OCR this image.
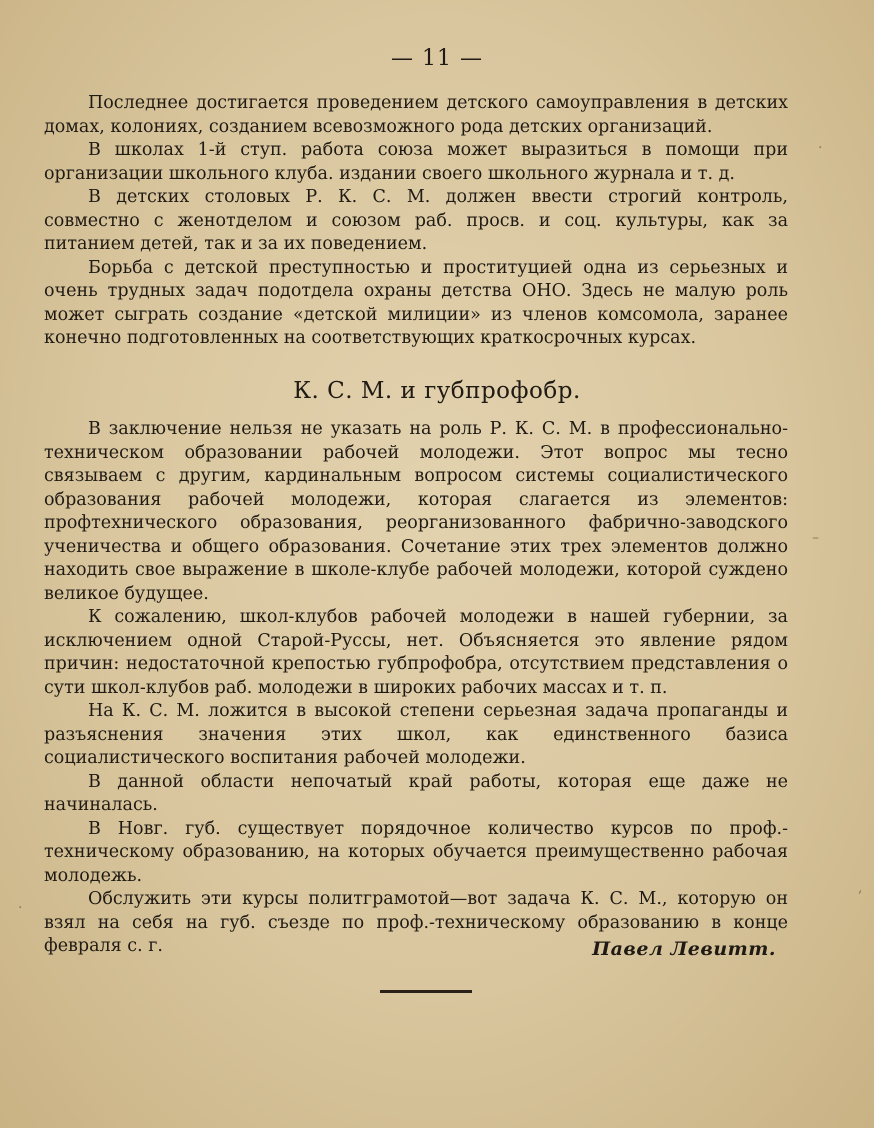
— 11 —

Последнее достигается проведением детского самоуправления в детских домах, колониях, созданием всевозможного рода детских организаций.

В школах 1-й ступ. работа союза может выразиться в помощи при организации школьного клуба. издании своего школьного журнала и т. д.

В детских столовых Р. К. С. М. должен ввести строгий контроль, совместно с женотделом и союзом раб. просв. и соц. культуры, как за питанием детей, так и за их поведением.

Борьба с детской преступностью и проституцией одна из серьезных и очень трудных задач подотдела охраны детства ОНО. Здесь не малую роль может сыграть создание «детской милиции» из членов комсомола, заранее конечно подготовленных на соответствующих краткосрочных курсах.

К. С. М. и губпрофобр.

В заключение нельзя не указать на роль Р. К. С. М. в профессионально-техническом образовании рабочей молодежи. Этот вопрос мы тесно связываем с другим, кардинальным вопросом системы социалистического образования рабочей молодежи, которая слагается из элементов: профтехнического образования, реорганизованного фабрично-заводского ученичества и общего образования. Сочетание этих трех элементов должно находить свое выражение в школе-клубе рабочей молодежи, которой суждено великое будущее.

К сожалению, школ-клубов рабочей молодежи в нашей губернии, за исключением одной Старой-Руссы, нет. Объясняется это явление рядом причин: недостаточной крепостью губпрофобра, отсутствием представления о сути школ-клубов раб. молодежи в широких рабочих массах и т. п.

На К. С. М. ложится в высокой степени серьезная задача пропаганды и разъяснения значения этих школ, как единственного базиса социалистического воспитания рабочей молодежи.

В данной области непочатый край работы, которая еще даже не начиналась.

В Новг. губ. существует порядочное количество курсов по проф.-техническому образованию, на которых обучается преимущественно рабочая молодежь.

Обслужить эти курсы политграмотой—вот задача К. С. М., которую он взял на себя на губ. съезде по проф.-техническому образованию в конце февраля с. г.	Павел Левитт.
·
–
,
·
